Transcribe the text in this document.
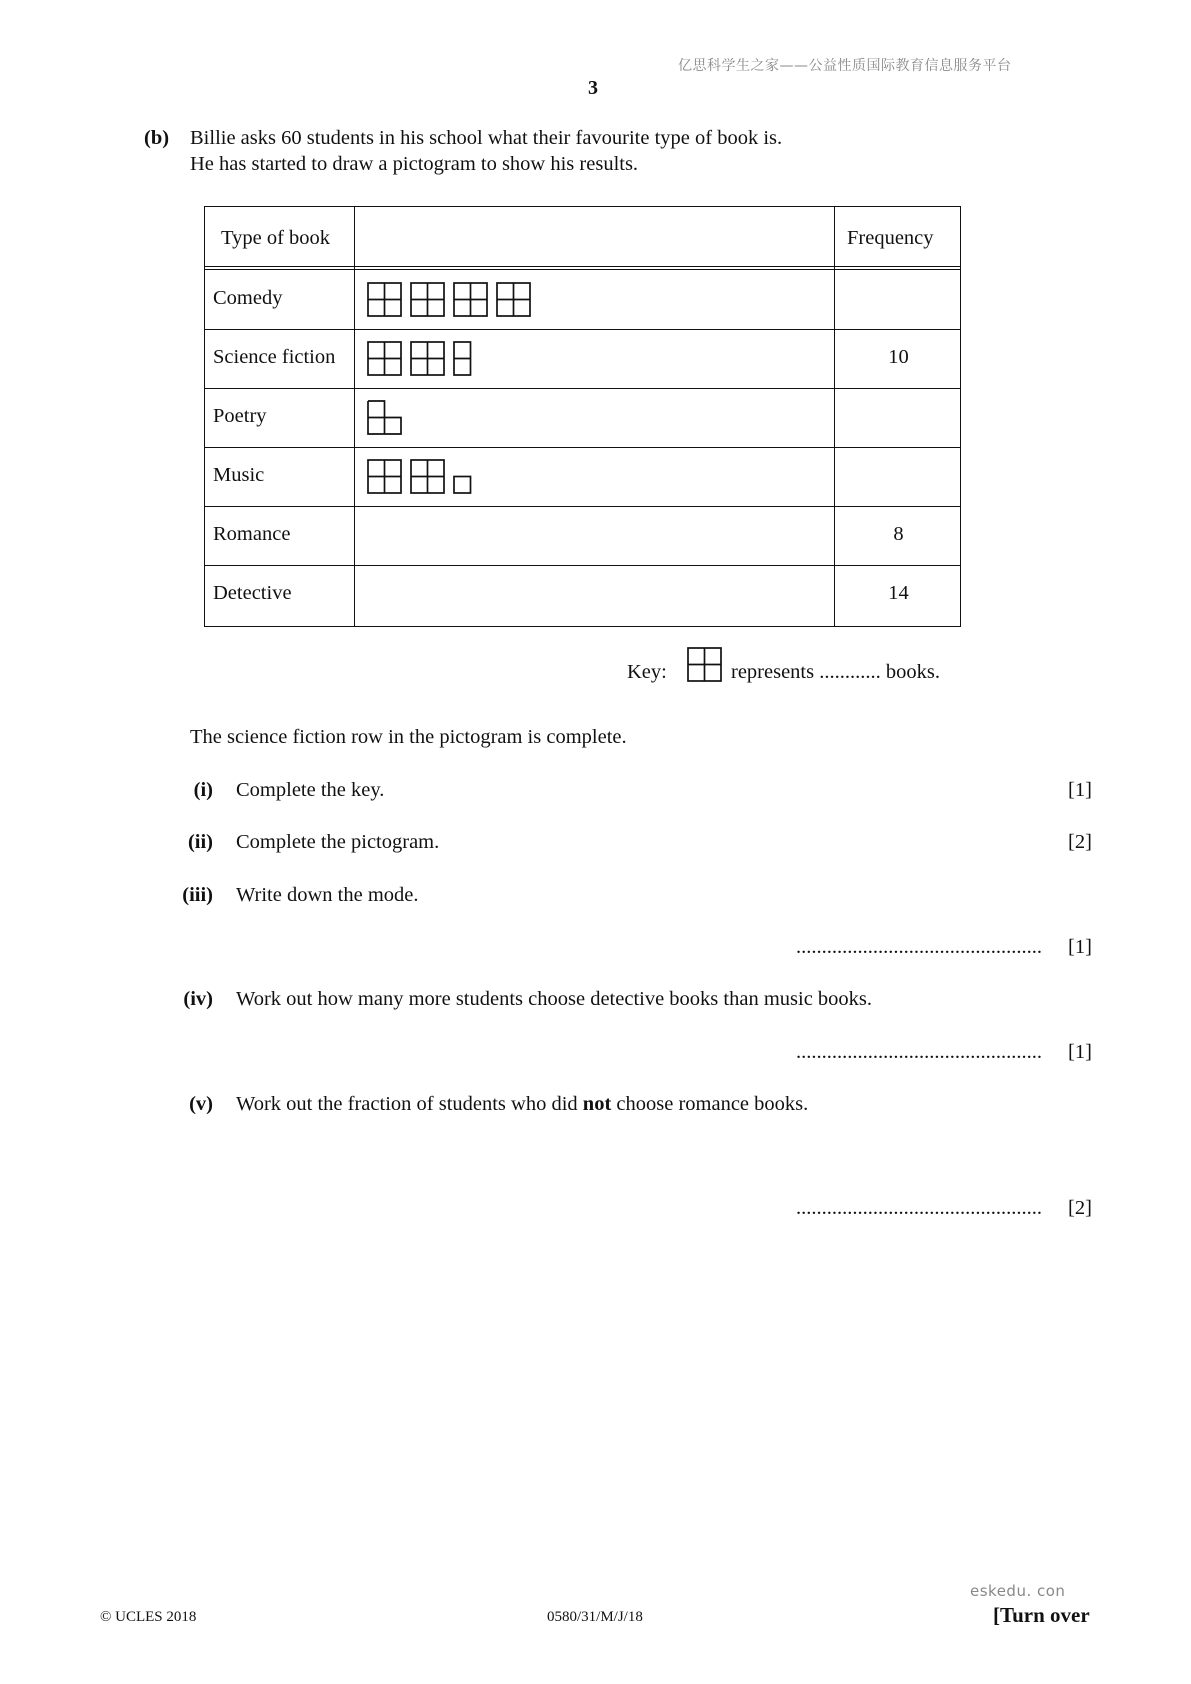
亿思科学生之家——公益性质国际教育信息服务平台
3
(b) Billie asks 60 students in his school what their favourite type of book is.
He has started to draw a pictogram to show his results.
Type of book	Frequency
Comedy
Science fiction	10
Poetry
Music
Romance	8
Detective	14
Key:	represents ............ books.
The science fiction row in the pictogram is complete.
(i) Complete the key.	[1]
(ii) Complete the pictogram.	[2]
(iii) Write down the mode.
................................................ [1]
(iv) Work out how many more students choose detective books than music books.
................................................ [1]
(v) Work out the fraction of students who did not choose romance books.
................................................ [2]
eskedu. con
© UCLES 2018	0580/31/M/J/18	[Turn over
